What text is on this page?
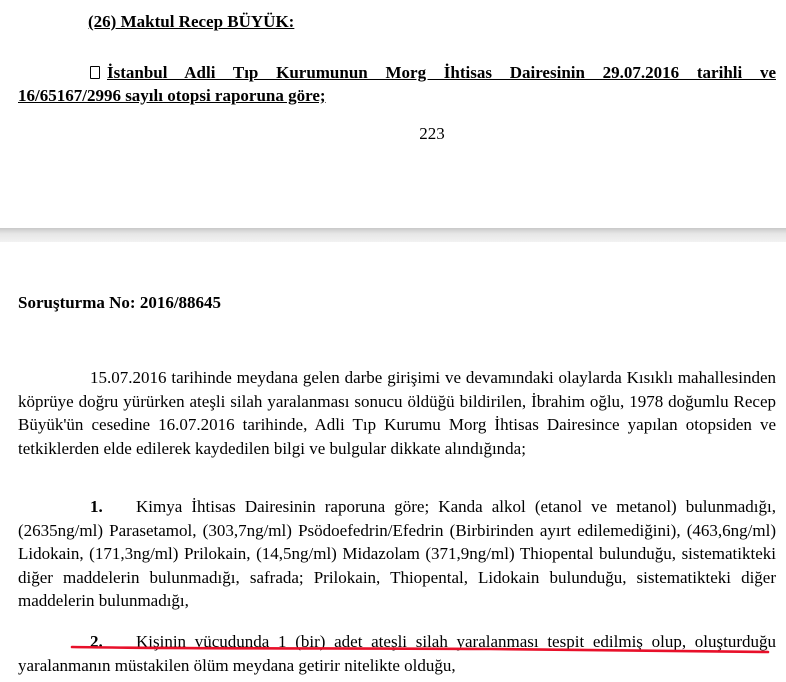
(26) Maktul Recep BÜYÜK:
İstanbul Adli Tıp Kurumunun Morg İhtisas Dairesinin 29.07.2016 tarihli ve
16/65167/2996 sayılı otopsi raporuna göre;
223
Soruşturma No: 2016/88645
15.07.2016 tarihinde meydana gelen darbe girişimi ve devamındaki olaylarda Kısıklı mahallesinden köprüye doğru yürürken ateşli silah yaralanması sonucu öldüğü bildirilen, İbrahim oğlu, 1978 doğumlu Recep Büyük'ün cesedine 16.07.2016 tarihinde, Adli Tıp Kurumu Morg İhtisas Dairesince yapılan otopsiden ve tetkiklerden elde edilerek kaydedilen bilgi ve bulgular dikkate alındığında;
1. Kimya İhtisas Dairesinin raporuna göre; Kanda alkol (etanol ve metanol) bulunmadığı, (2635ng/ml) Parasetamol, (303,7ng/ml) Psödoefedrin/Efedrin (Birbirinden ayırt edilemediğini), (463,6ng/ml) Lidokain, (171,3ng/ml) Prilokain, (14,5ng/ml) Midazolam (371,9ng/ml) Thiopental bulunduğu, sistematikteki diğer maddelerin bulunmadığı, safrada; Prilokain, Thiopental, Lidokain bulunduğu, sistematikteki diğer maddelerin bulunmadığı,
2. Kişinin vücudunda 1 (bir) adet ateşli silah yaralanması tespit edilmiş olup, oluşturduğu yaralanmanın müstakilen ölüm meydana getirir nitelikte olduğu,
